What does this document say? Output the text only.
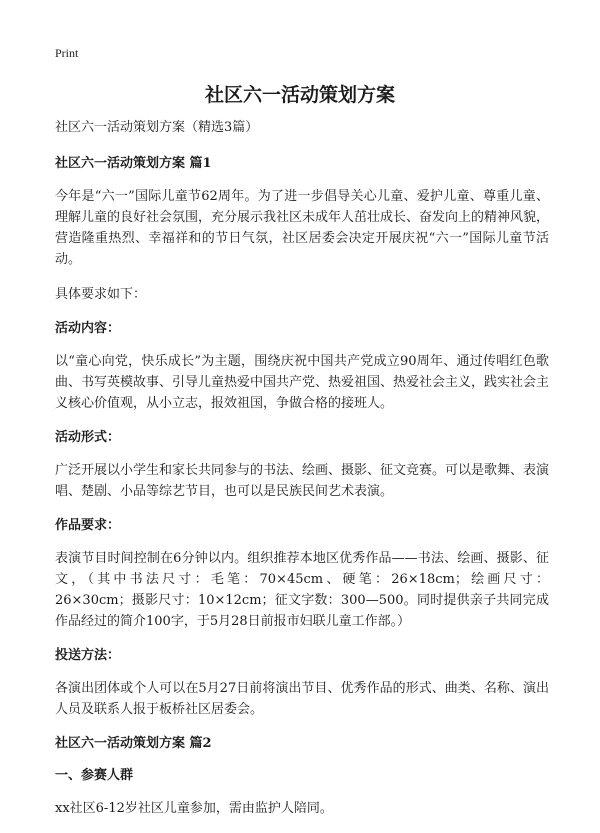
Print
社区六一活动策划方案

社区六一活动策划方案（精选3篇）

社区六一活动策划方案 篇1

今年是“六一”国际儿童节62周年。为了进一步倡导关心儿童、爱护儿童、尊重儿童、理解儿童的良好社会氛围，充分展示我社区未成年人茁壮成长、奋发向上的精神风貌，营造隆重热烈、幸福祥和的节日气氛，社区居委会决定开展庆祝“六一”国际儿童节活动。

具体要求如下：

活动内容：

以“童心向党，快乐成长”为主题，围绕庆祝中国共产党成立90周年、通过传唱红色歌曲、书写英模故事、引导儿童热爱中国共产党、热爱祖国、热爱社会主义，践实社会主义核心价值观，从小立志，报效祖国，争做合格的接班人。

活动形式：

广泛开展以小学生和家长共同参与的书法、绘画、摄影、征文竞赛。可以是歌舞、表演唱、楚剧、小品等综艺节目，也可以是民族民间艺术表演。

作品要求：

表演节目时间控制在6分钟以内。组织推荐本地区优秀作品——书法、绘画、摄影、征文，（其中书法尺寸：毛笔：70×45cm、硬笔：26×18cm；绘画尺寸：26×30cm；摄影尺寸：10×12cm；征文字数：300—500。同时提供亲子共同完成作品经过的简介100字，于5月28日前报市妇联儿童工作部。）

投送方法：

各演出团体或个人可以在5月27日前将演出节目、优秀作品的形式、曲类、名称、演出人员及联系人报于板桥社区居委会。

社区六一活动策划方案 篇2

一、参赛人群

xx社区6-12岁社区儿童参加，需由监护人陪同。
